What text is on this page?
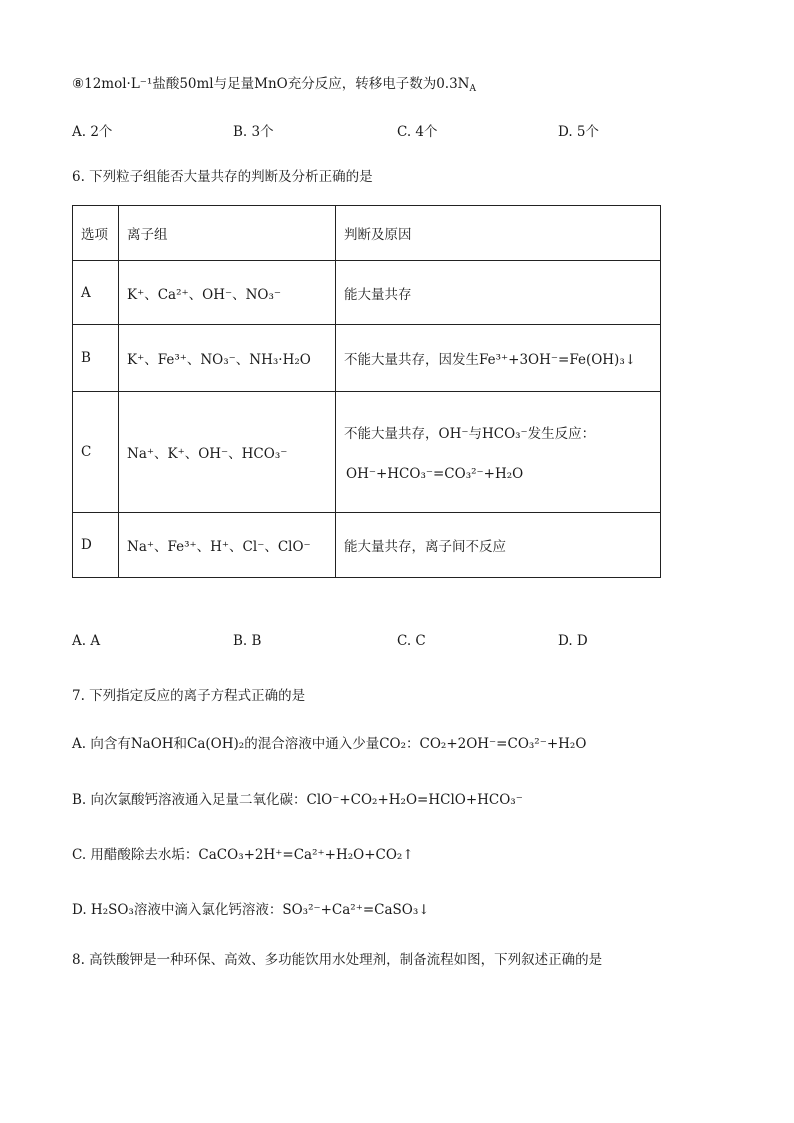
⑧12mol·L⁻¹盐酸50ml与足量MnO充分反应，转移电子数为$0.3N_A$
A. 2个	B. 3个	C. 4个	D. 5个
6. 下列粒子组能否大量共存的判断及分析正确的是
选项	离子组	判断及原因
A	K⁺、Ca²⁺、OH⁻、NO₃⁻	能大量共存
B	K⁺、Fe³⁺、NO₃⁻、NH₃·H₂O	不能大量共存，因发生Fe³⁺+3OH⁻=Fe(OH)₃↓
C	Na⁺、K⁺、OH⁻、HCO₃⁻	不能大量共存，OH⁻与HCO₃⁻发生反应：
OH⁻+HCO₃⁻=CO₃²⁻+H₂O

D	Na⁺、Fe³⁺、H⁺、Cl⁻、ClO⁻	能大量共存，离子间不反应
A. A	B. B	C. C	D. D
7. 下列指定反应的离子方程式正确的是
A. 向含有NaOH和Ca(OH)₂的混合溶液中通入少量CO₂：CO₂+2OH⁻=CO₃²⁻+H₂O
B. 向次氯酸钙溶液通入足量二氧化碳：ClO⁻+CO₂+H₂O=HClO+HCO₃⁻
C. 用醋酸除去水垢：CaCO₃+2H⁺=Ca²⁺+H₂O+CO₂↑
D. H₂SO₃溶液中滴入氯化钙溶液：SO₃²⁻+Ca²⁺=CaSO₃↓
8. 高铁酸钾是一种环保、高效、多功能饮用水处理剂，制备流程如图，下列叙述正确的是
